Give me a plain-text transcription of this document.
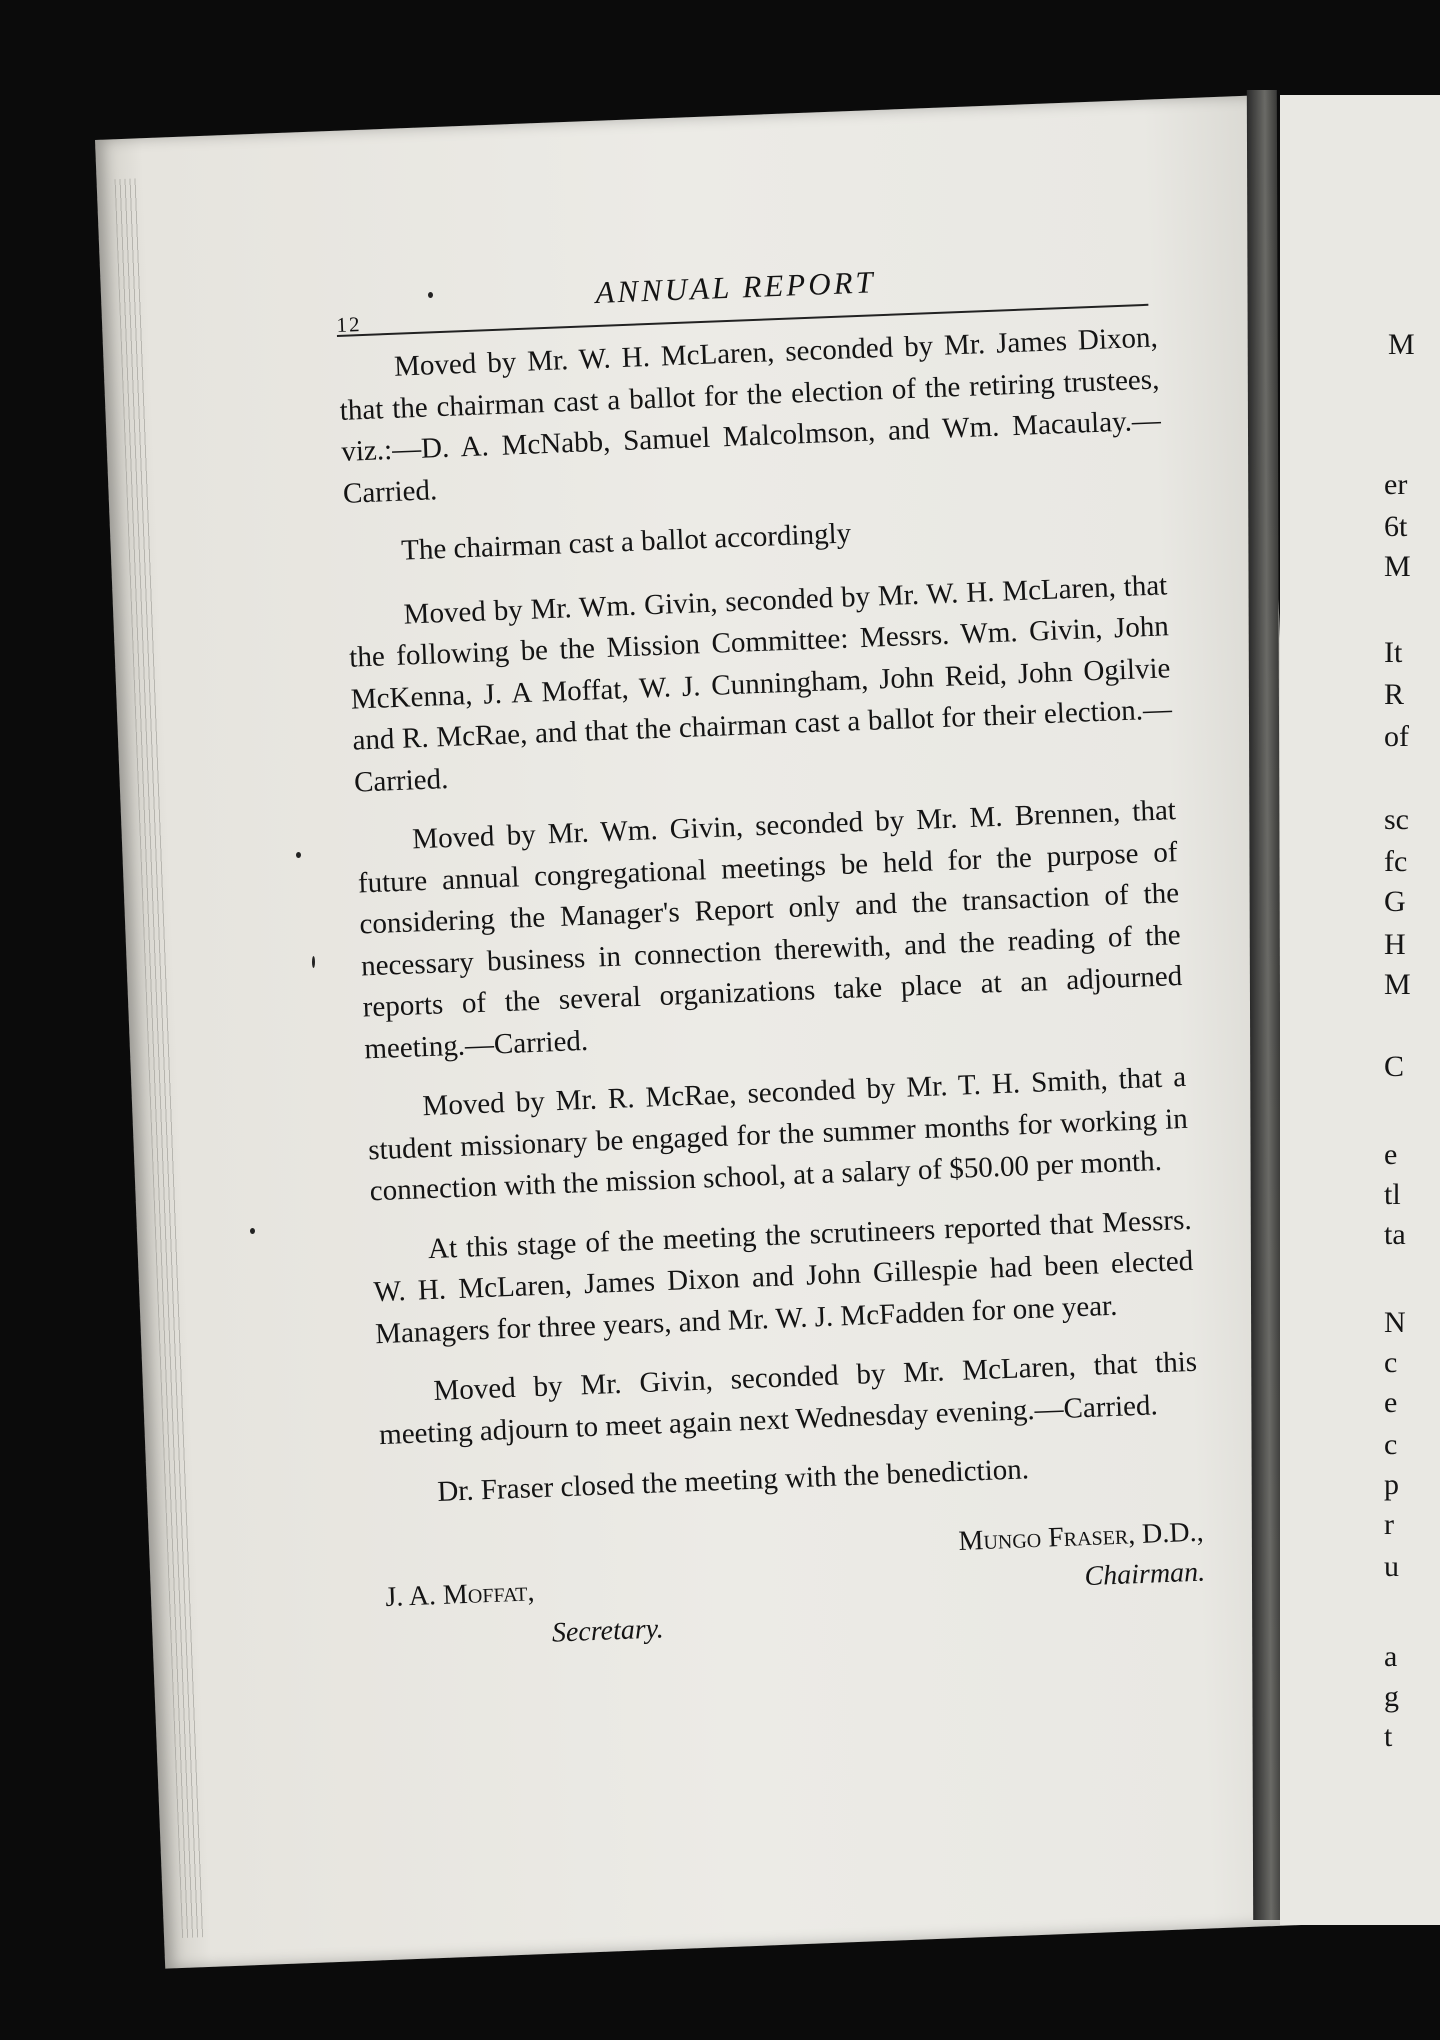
M
er
6t
M
It
R
of
sc
fc
G
H
M
C
e
tl
ta
N
c
e
c
p
r
u
a
g
t
12
ANNUAL REPORT

Moved by Mr. W. H. McLaren, seconded by Mr. James Dixon, that the chairman cast a ballot for the election of the retiring trustees, viz.:—D. A. McNabb, Samuel Malcolmson, and Wm. Macaulay.—Carried.

The chairman cast a ballot accordingly

Moved by Mr. Wm. Givin, seconded by Mr. W. H. McLaren, that the following be the Mission Committee: Messrs. Wm. Givin, John McKenna, J. A Moffat, W. J. Cunningham, John Reid, John Ogilvie and R. McRae, and that the chairman cast a ballot for their election.—Carried.

Moved by Mr. Wm. Givin, seconded by Mr. M. Brennen, that future annual congregational meetings be held for the purpose of considering the Manager's Report only and the transaction of the necessary business in connection therewith, and the reading of the reports of the several organizations take place at an adjourned meeting.—Carried.

Moved by Mr. R. McRae, seconded by Mr. T. H. Smith, that a student missionary be engaged for the summer months for working in connection with the mission school, at a salary of $50.00 per month.

At this stage of the meeting the scrutineers reported that Messrs. W. H. McLaren, James Dixon and John Gillespie had been elected Managers for three years, and Mr. W. J. McFadden for one year.

Moved by Mr. Givin, seconded by Mr. McLaren, that this meeting adjourn to meet again next Wednesday evening.—Carried.

Dr. Fraser closed the meeting with the benediction.

J. A. Moffat,
Secretary.
Mungo Fraser, D.D.,
Chairman.
